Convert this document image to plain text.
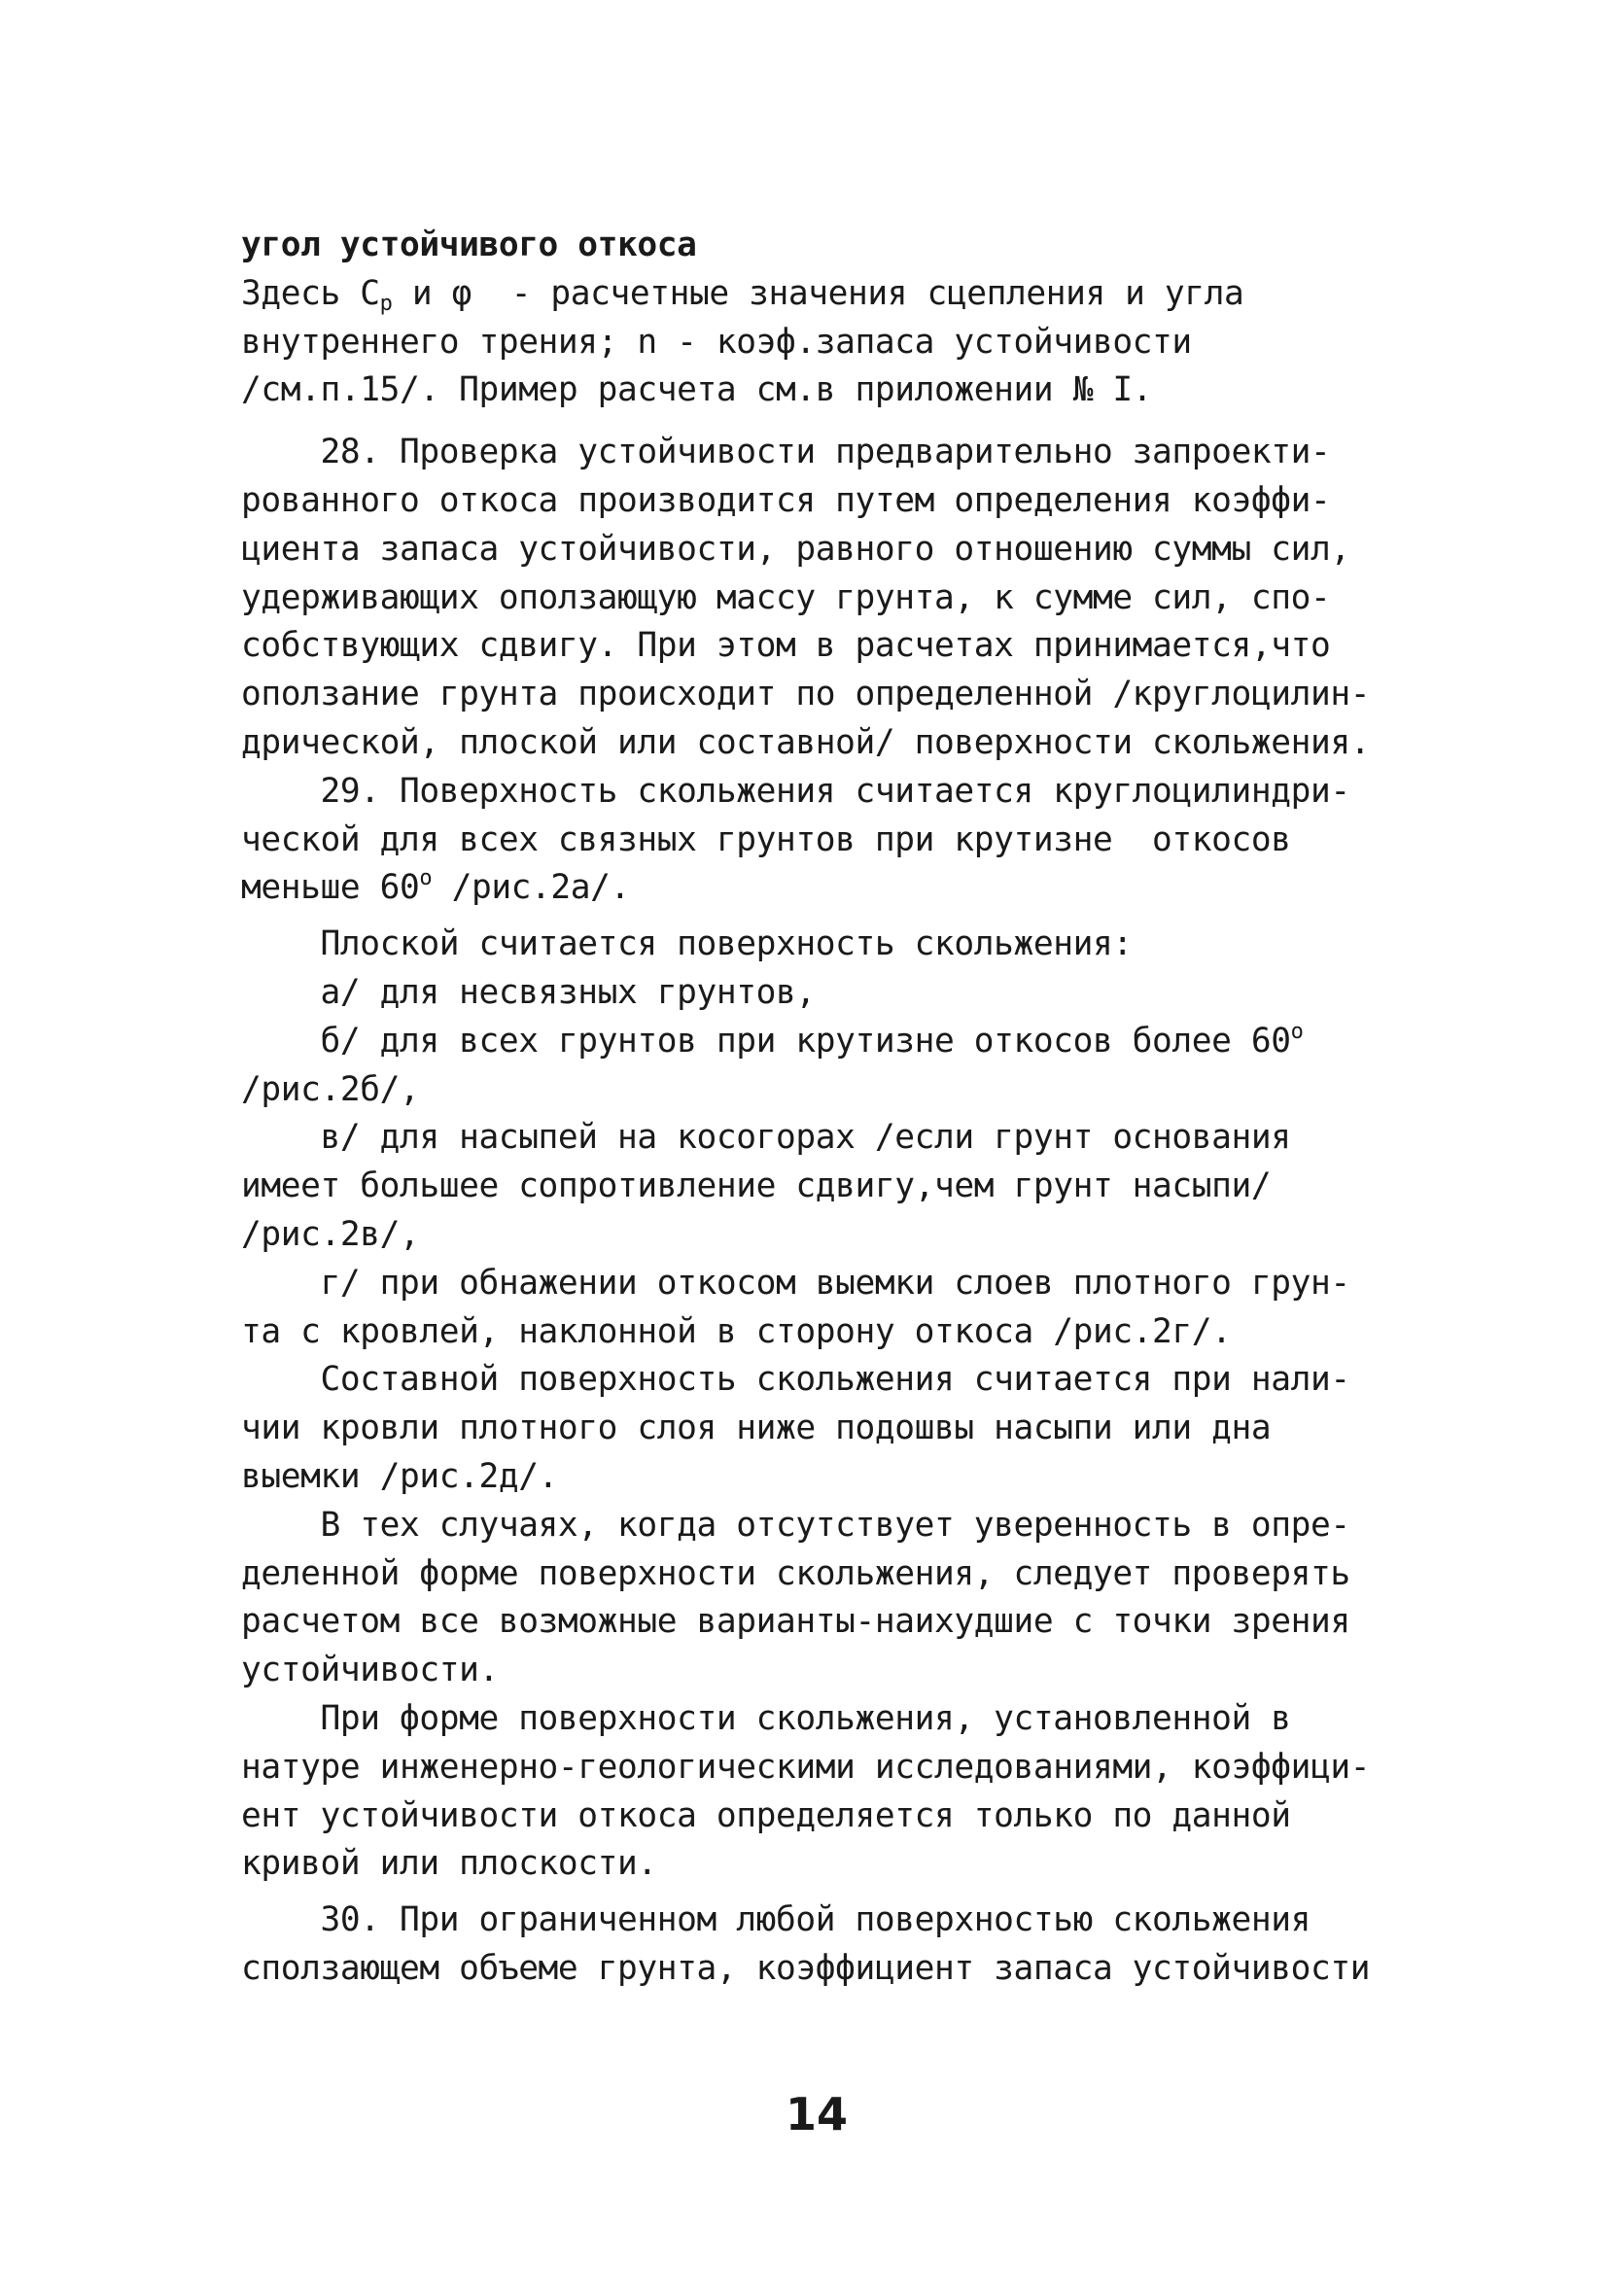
угол устойчивого откоса
Здесь $C_р$ и φ  - расчетные значения сцепления и угла
внутреннего трения; n - коэф.запаса устойчивости
/см.п.15/. Пример расчета см.в приложении № I.
28. Проверка устойчивости предварительно запроекти-
рованного откоса производится путем определения коэффи-
циента запаса устойчивости, равного отношению суммы сил,
удерживающих оползающую массу грунта, к сумме сил, спо-
собствующих сдвигу. При этом в расчетах принимается,что
оползание грунта происходит по определенной /круглоцилин-
дрической, плоской или составной/ поверхности скольжения.
29. Поверхность скольжения считается круглоцилиндри-
ческой для всех связных грунтов при крутизне  откосов
меньше $60^о$ /рис.2а/.
Плоской считается поверхность скольжения:
а/ для несвязных грунтов,
б/ для всех грунтов при крутизне откосов более $60^о$
/рис.2б/,
в/ для насыпей на косогорах /если грунт основания
имеет большее сопротивление сдвигу,чем грунт насыпи/
/рис.2в/,
г/ при обнажении откосом выемки слоев плотного грун-
та с кровлей, наклонной в сторону откоса /рис.2г/.
Составной поверхность скольжения считается при нали-
чии кровли плотного слоя ниже подошвы насыпи или дна
выемки /рис.2д/.
В тех случаях, когда отсутствует уверенность в опре-
деленной форме поверхности скольжения, следует проверять
расчетом все возможные варианты-наихудшие с точки зрения
устойчивости.
При форме поверхности скольжения, установленной в
натуре инженерно-геологическими исследованиями, коэффици-
ент устойчивости откоса определяется только по данной
кривой или плоскости.
30. При ограниченном любой поверхностью скольжения
сползающем объеме грунта, коэффициент запаса устойчивости
14
